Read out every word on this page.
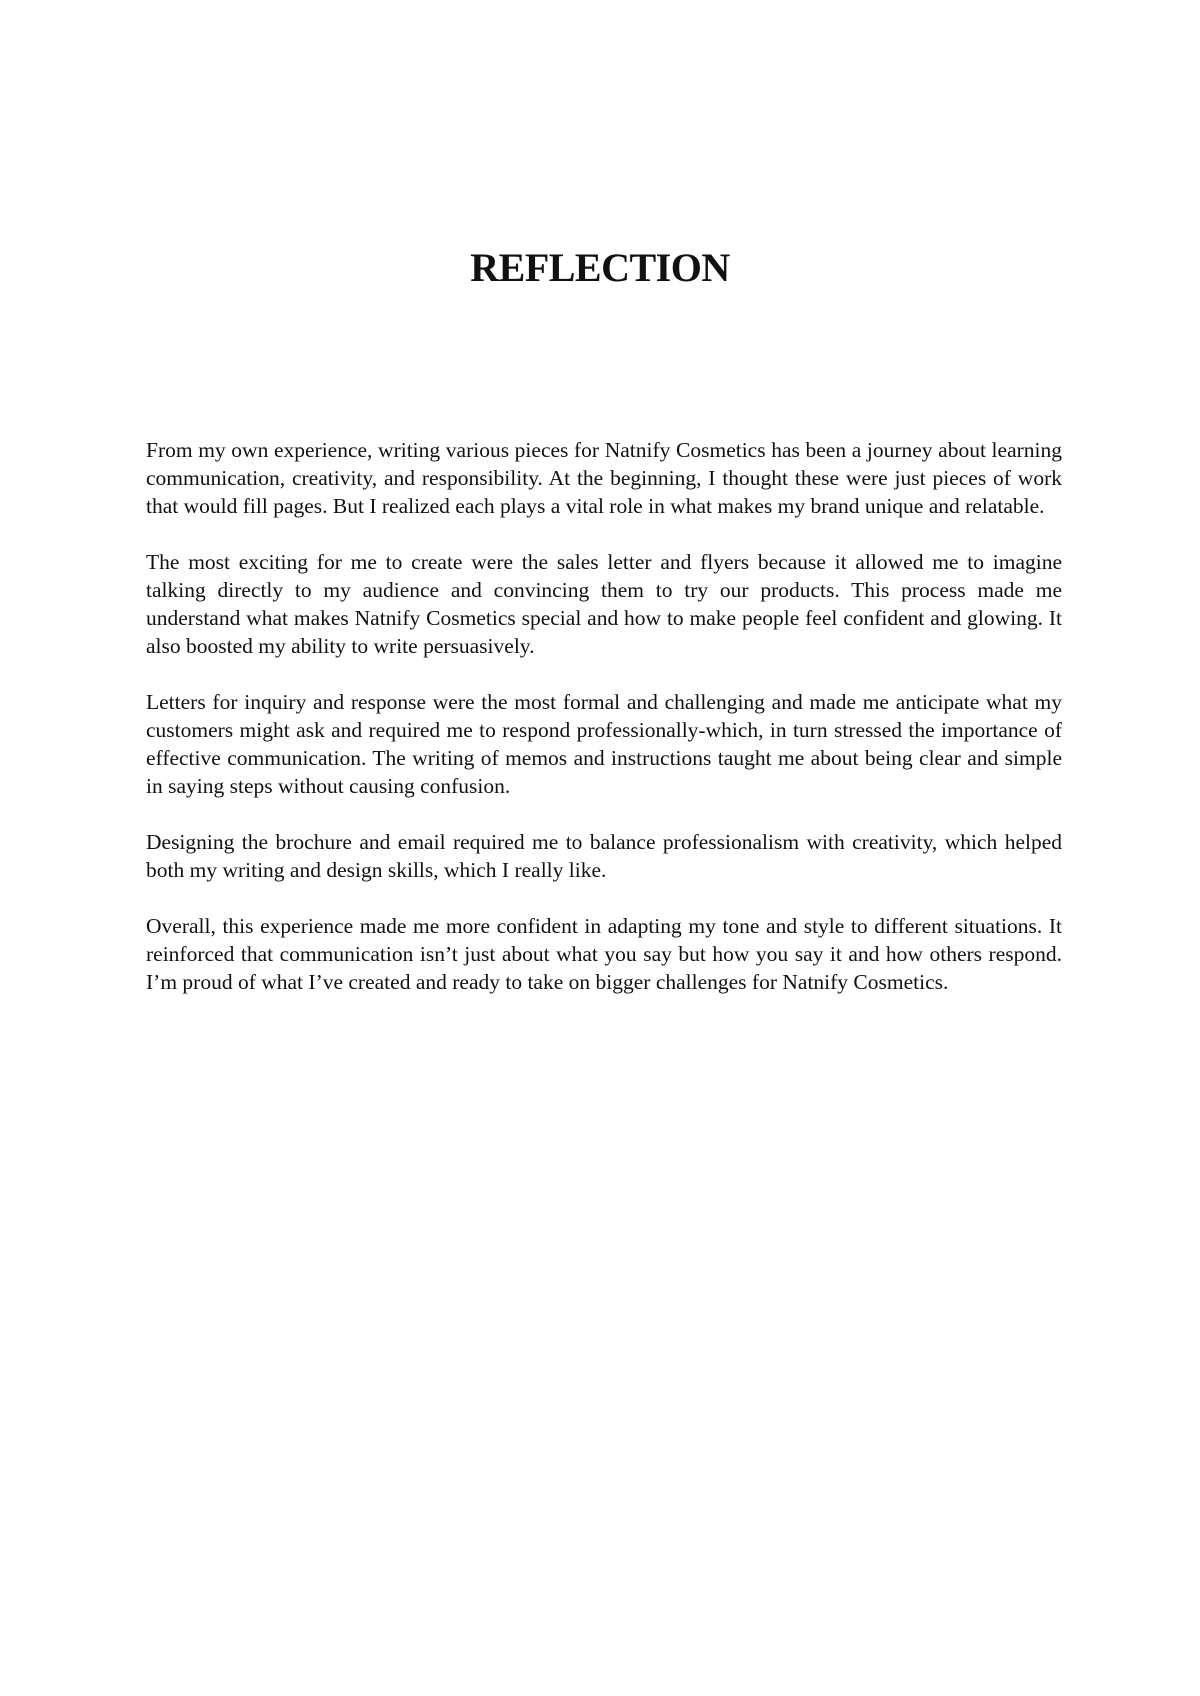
REFLECTION

From my own experience, writing various pieces for Natnify Cosmetics has been a journey about learning communication, creativity, and responsibility. At the beginning, I thought these were just pieces of work that would fill pages. But I realized each plays a vital role in what makes my brand unique and relatable.

The most exciting for me to create were the sales letter and flyers because it allowed me to imagine talking directly to my audience and convincing them to try our products. This process made me understand what makes Natnify Cosmetics special and how to make people feel confident and glowing. It also boosted my ability to write persuasively.

Letters for inquiry and response were the most formal and challenging and made me anticipate what my customers might ask and required me to respond professionally-which, in turn stressed the importance of effective communication. The writing of memos and instructions taught me about being clear and simple in saying steps without causing confusion.

Designing the brochure and email required me to balance professionalism with creativity, which helped both my writing and design skills, which I really like.

Overall, this experience made me more confident in adapting my tone and style to different situations. It reinforced that communication isn’t just about what you say but how you say it and how others respond. I’m proud of what I’ve created and ready to take on bigger challenges for Natnify Cosmetics.
